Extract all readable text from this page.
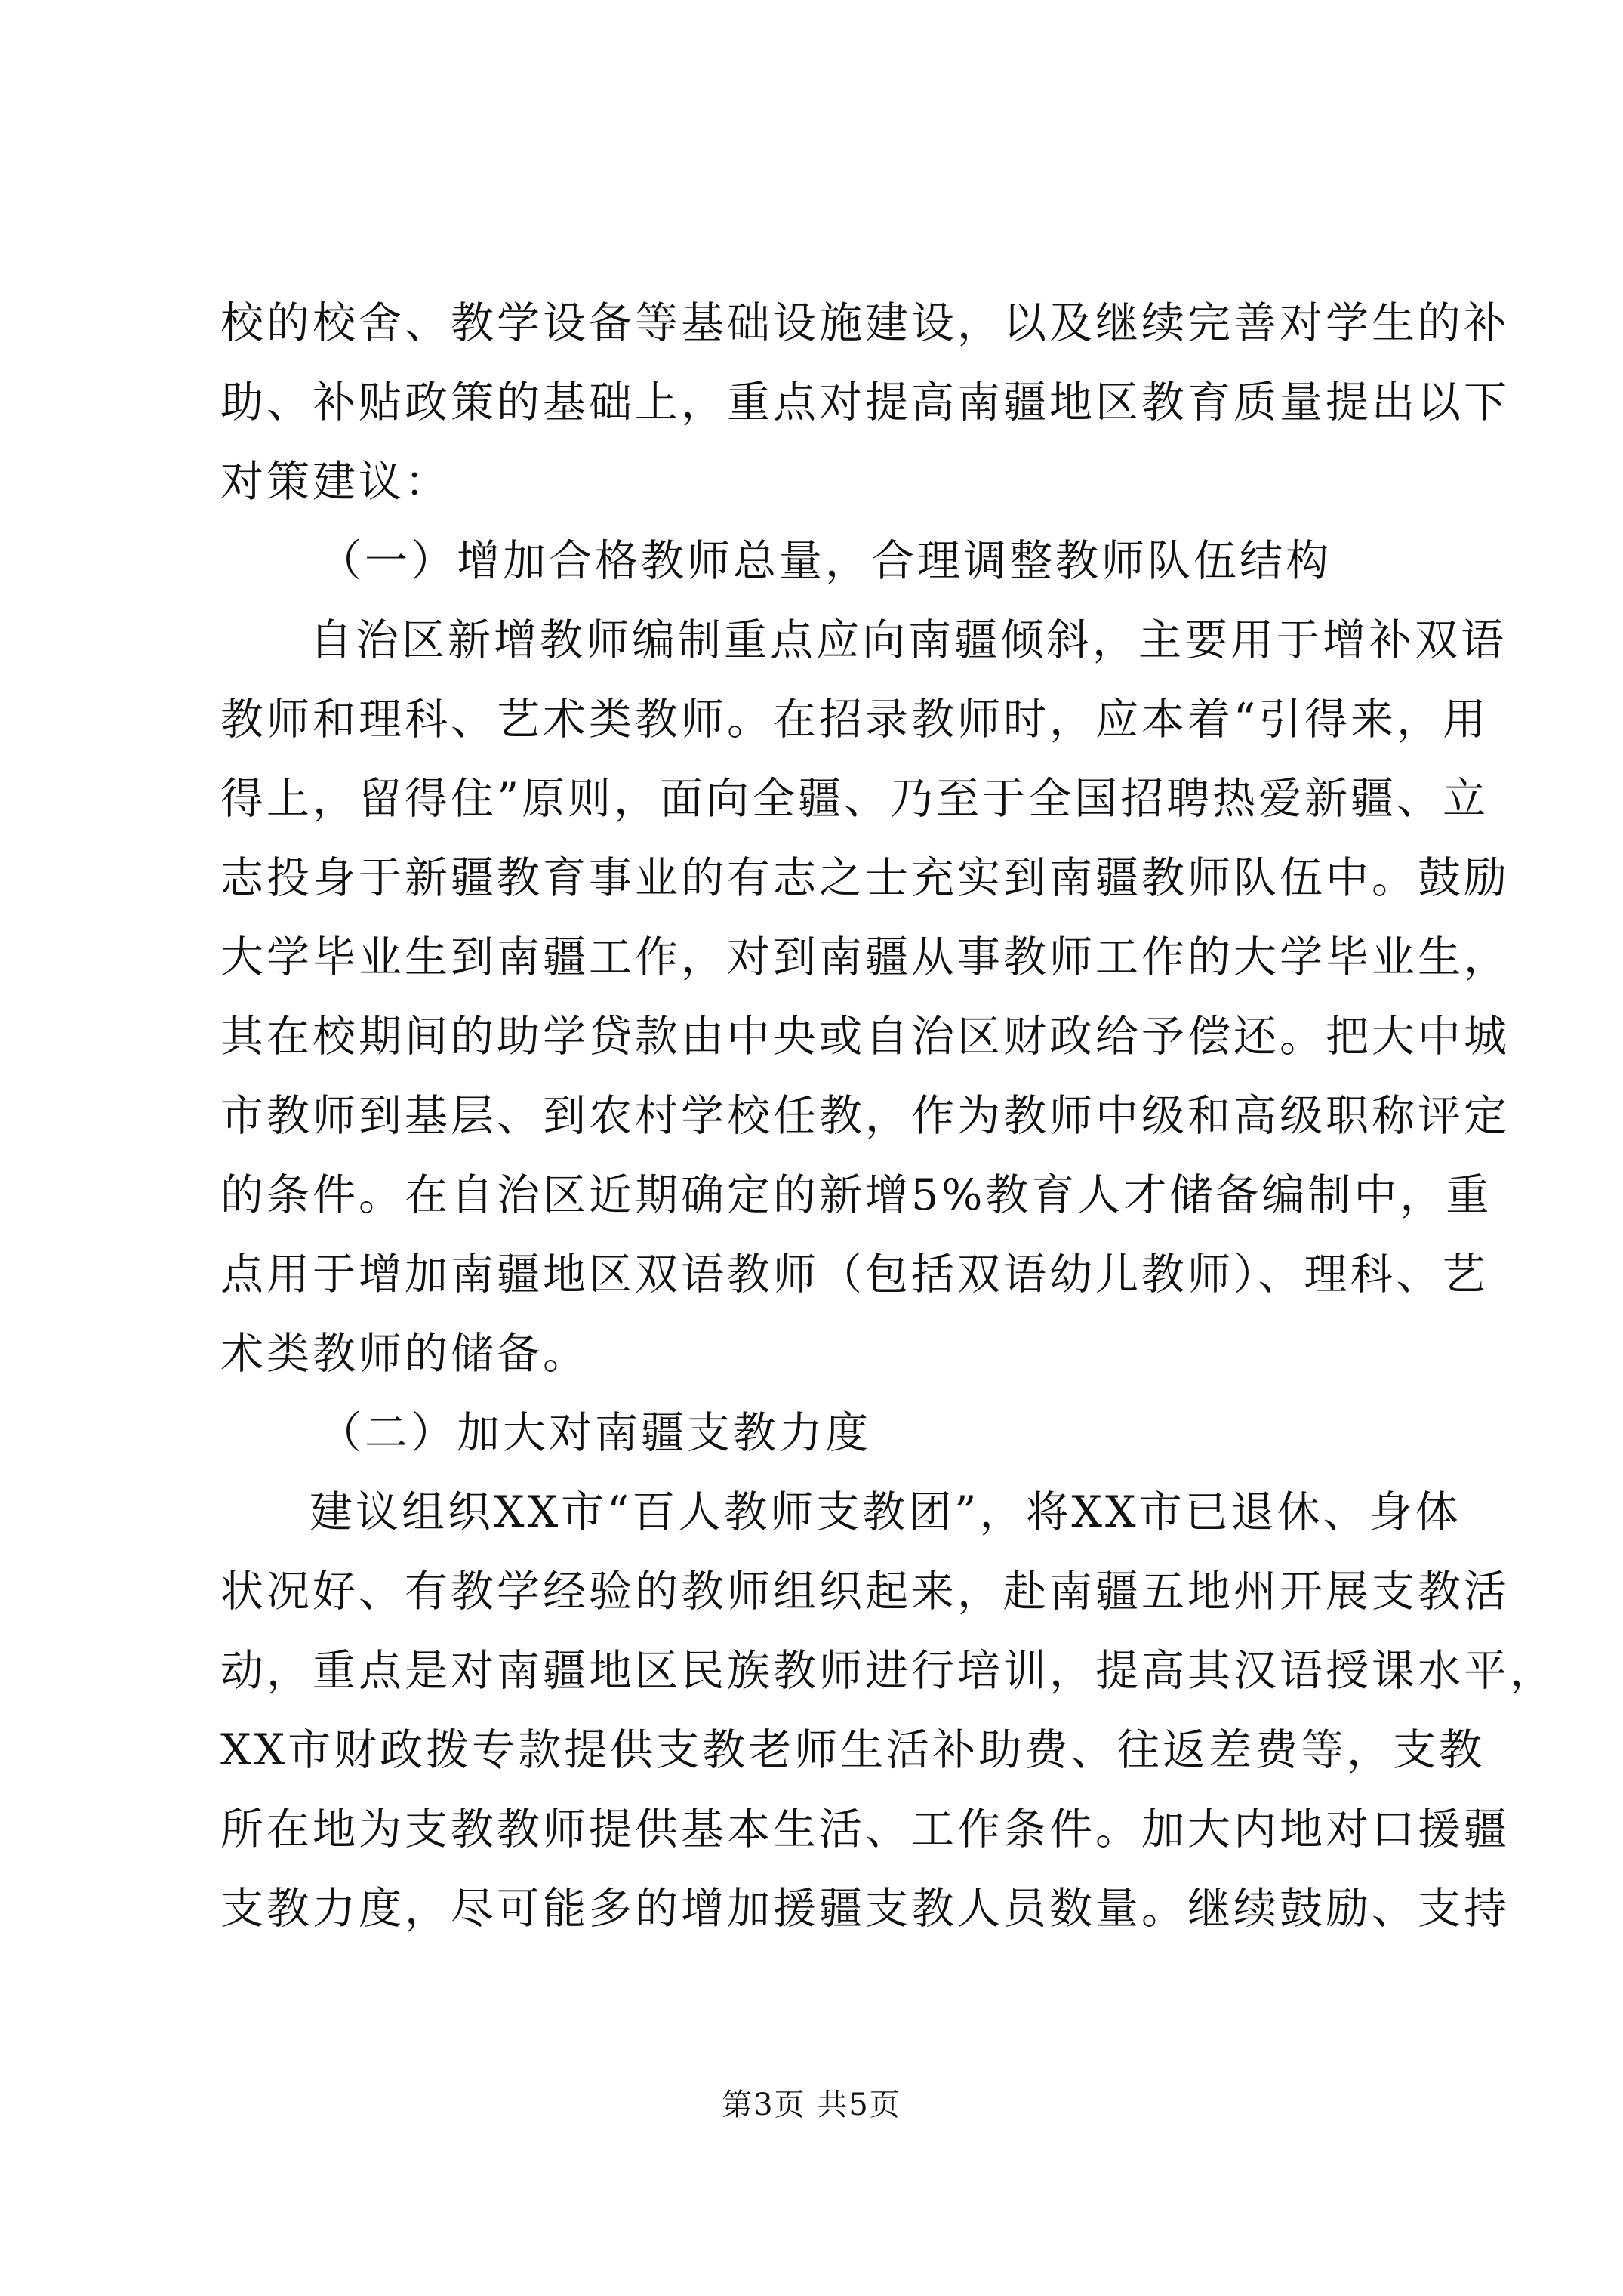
校的校舍、教学设备等基础设施建设，以及继续完善对学生的补
助、补贴政策的基础上，重点对提高南疆地区教育质量提出以下
对策建议：
（一）增加合格教师总量，合理调整教师队伍结构
自治区新增教师编制重点应向南疆倾斜，主要用于增补双语
教师和理科、艺术类教师。在招录教师时，应本着“引得来，用
得上，留得住”原则，面向全疆、乃至于全国招聘热爱新疆、立
志投身于新疆教育事业的有志之士充实到南疆教师队伍中。鼓励
大学毕业生到南疆工作，对到南疆从事教师工作的大学毕业生，
其在校期间的助学贷款由中央或自治区财政给予偿还。把大中城
市教师到基层、到农村学校任教，作为教师中级和高级职称评定
的条件。在自治区近期确定的新增5%教育人才储备编制中，重
点用于增加南疆地区双语教师（包括双语幼儿教师）、理科、艺
术类教师的储备。
（二）加大对南疆支教力度
建议组织XX市“百人教师支教团”，将XX市已退休、身体
状况好、有教学经验的教师组织起来，赴南疆五地州开展支教活
动，重点是对南疆地区民族教师进行培训，提高其汉语授课水平，
XX市财政拨专款提供支教老师生活补助费、往返差费等，支教
所在地为支教教师提供基本生活、工作条件。加大内地对口援疆
支教力度，尽可能多的增加援疆支教人员数量。继续鼓励、支持
第3页 共5页
